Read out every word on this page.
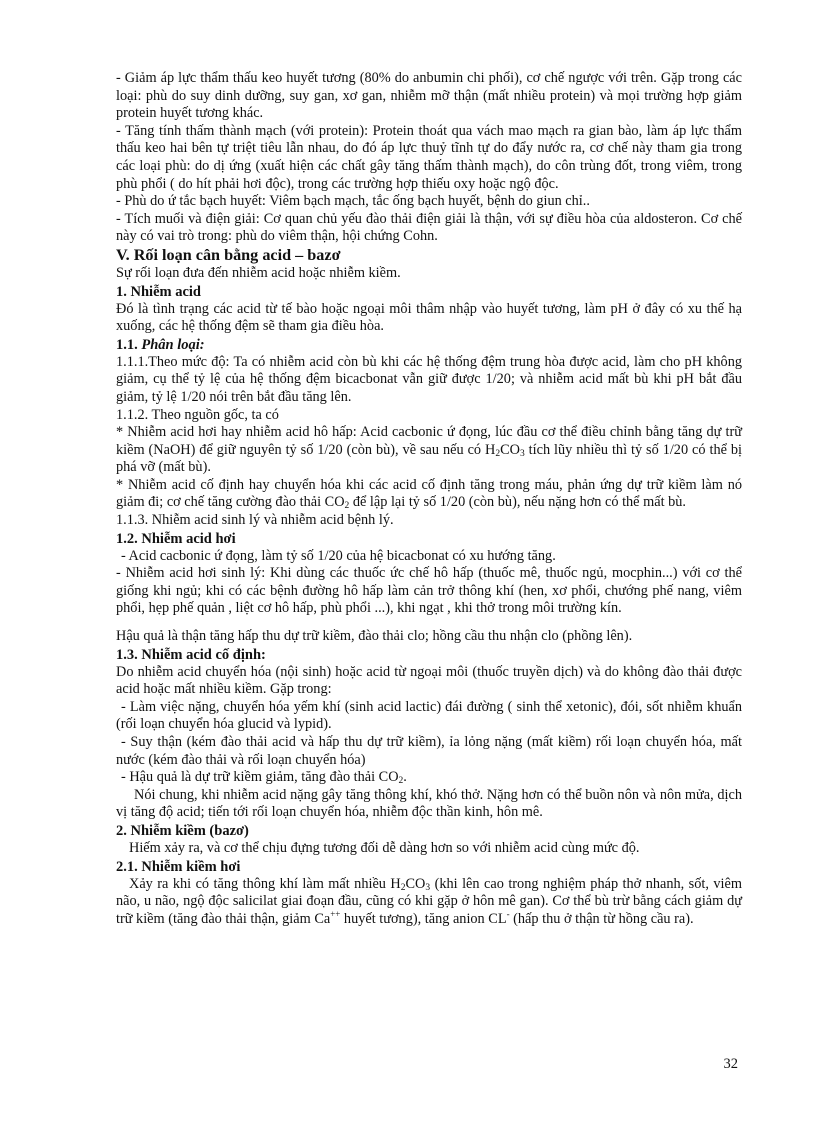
- Giảm áp lực thẩm thấu keo huyết tương (80% do anbumin chi phối), cơ chế ngược với trên. Gặp trong các loại: phù do suy dinh dưỡng, suy gan, xơ gan, nhiễm mỡ thận (mất nhiều protein) và mọi trường hợp giảm protein huyết tương khác.

- Tăng tính thấm thành mạch (với protein): Protein thoát qua vách mao mạch ra gian bào, làm áp lực thẩm thấu keo hai bên tự triệt tiêu lẫn nhau, do đó áp lực thuỷ tĩnh tự do đẩy nước ra, cơ chế này tham gia trong các loại phù: do dị ứng (xuất hiện các chất gây tăng thấm thành mạch), do côn trùng đốt, trong viêm, trong phù phổi ( do hít phải hơi độc), trong các trường hợp thiếu oxy hoặc ngộ độc.

- Phù do ứ tắc bạch huyết: Viêm bạch mạch, tắc ống bạch huyết, bệnh do giun chỉ..

- Tích muối và điện giải: Cơ quan chủ yếu đào thải điện giải là thận, với sự điều hòa của aldosteron. Cơ chế này có vai trò trong: phù do viêm thận, hội chứng Cohn.

V. Rối loạn cân bằng acid – bazơ

Sự rối loạn đưa đến nhiễm acid hoặc nhiễm kiềm.

1. Nhiễm acid

Đó là tình trạng các acid từ tế bào hoặc ngoại môi thâm nhập vào huyết tương, làm pH ở đây có xu thế hạ xuống, các hệ thống đệm sẽ tham gia điều hòa.

1.1. Phân loại:

1.1.1.Theo mức độ: Ta có nhiễm acid còn bù khi các hệ thống đệm trung hòa được acid, làm cho pH không giảm, cụ thể tỷ lệ của hệ thống đệm bicacbonat vẫn giữ được 1/20; và nhiễm acid mất bù khi pH bắt đầu giảm, tỷ lệ 1/20 nói trên bắt đầu tăng lên.

1.1.2. Theo nguồn gốc, ta có

* Nhiễm acid hơi hay nhiễm acid hô hấp: Acid cacbonic ứ đọng, lúc đầu cơ thể điều chỉnh bằng tăng dự trữ kiềm (NaOH) để giữ nguyên tỷ số 1/20 (còn bù), về sau nếu có $H_2CO_3$ tích lũy nhiều thì tỷ số 1/20 có thể bị phá vỡ (mất bù).

* Nhiễm acid cố định hay chuyển hóa khi các acid cố định tăng trong máu, phản ứng dự trữ kiềm làm nó giảm đi; cơ chế tăng cường đào thải $CO_2$ để lập lại tỷ số 1/20 (còn bù), nếu nặng hơn có thể mất bù.

1.1.3. Nhiễm acid sinh lý và nhiễm acid bệnh lý.

1.2. Nhiễm acid hơi

- Acid cacbonic ứ đọng, làm tỷ số 1/20 của hệ bicacbonat có xu hướng tăng.

- Nhiễm acid hơi sinh lý: Khi dùng các thuốc ức chế hô hấp (thuốc mê, thuốc ngủ, mocphin...) với cơ thể giống khi ngủ; khi có các bệnh đường hô hấp làm cản trở thông khí (hen, xơ phổi, chướng phế nang, viêm phổi, hẹp phế quản , liệt cơ hô hấp, phù phổi ...), khi ngạt , khi thở trong môi trường kín.

Hậu quả là thận tăng hấp thu dự trữ kiềm, đào thải clo; hồng cầu thu nhận clo (phồng lên).

1.3. Nhiễm acid cố định:

Do nhiễm acid chuyển hóa (nội sinh) hoặc acid từ ngoại môi (thuốc truyền dịch) và do không đào thải được acid hoặc mất nhiều kiềm. Gặp trong:

- Làm việc nặng, chuyển hóa yếm khí (sinh acid lactic) đái đường ( sinh thể xetonic), đói, sốt nhiễm khuẩn (rối loạn chuyển hóa glucid và lypid).

- Suy thận (kém đào thải acid và hấp thu dự trữ kiềm), ỉa lỏng nặng (mất kiềm) rối loạn chuyển hóa, mất nước (kém đào thải và rối loạn chuyển hóa)

- Hậu quả là dự trữ kiềm giảm, tăng đào thải $CO_2$.

Nói chung, khi nhiễm acid nặng gây tăng thông khí, khó thở. Nặng hơn có thể buồn nôn và nôn mửa, dịch vị tăng độ acid; tiến tới rối loạn chuyển hóa, nhiễm độc thần kinh, hôn mê.

2. Nhiễm kiềm (bazơ)

Hiếm xảy ra, và cơ thể chịu đựng tương đối dễ dàng hơn so với nhiễm acid cùng mức độ.

2.1. Nhiễm kiềm hơi

Xảy ra khi có tăng thông khí làm mất nhiều $H_2CO_3$ (khi lên cao trong nghiệm pháp thở nhanh, sốt, viêm não, u não, ngộ độc salicilat giai đoạn đầu, cũng có khi gặp ở hôn mê gan). Cơ thể bù trừ bằng cách giảm dự trữ kiềm (tăng đào thải thận, giảm Ca++ huyết tương), tăng anion CL- (hấp thu ở thận từ hồng cầu ra).

32
